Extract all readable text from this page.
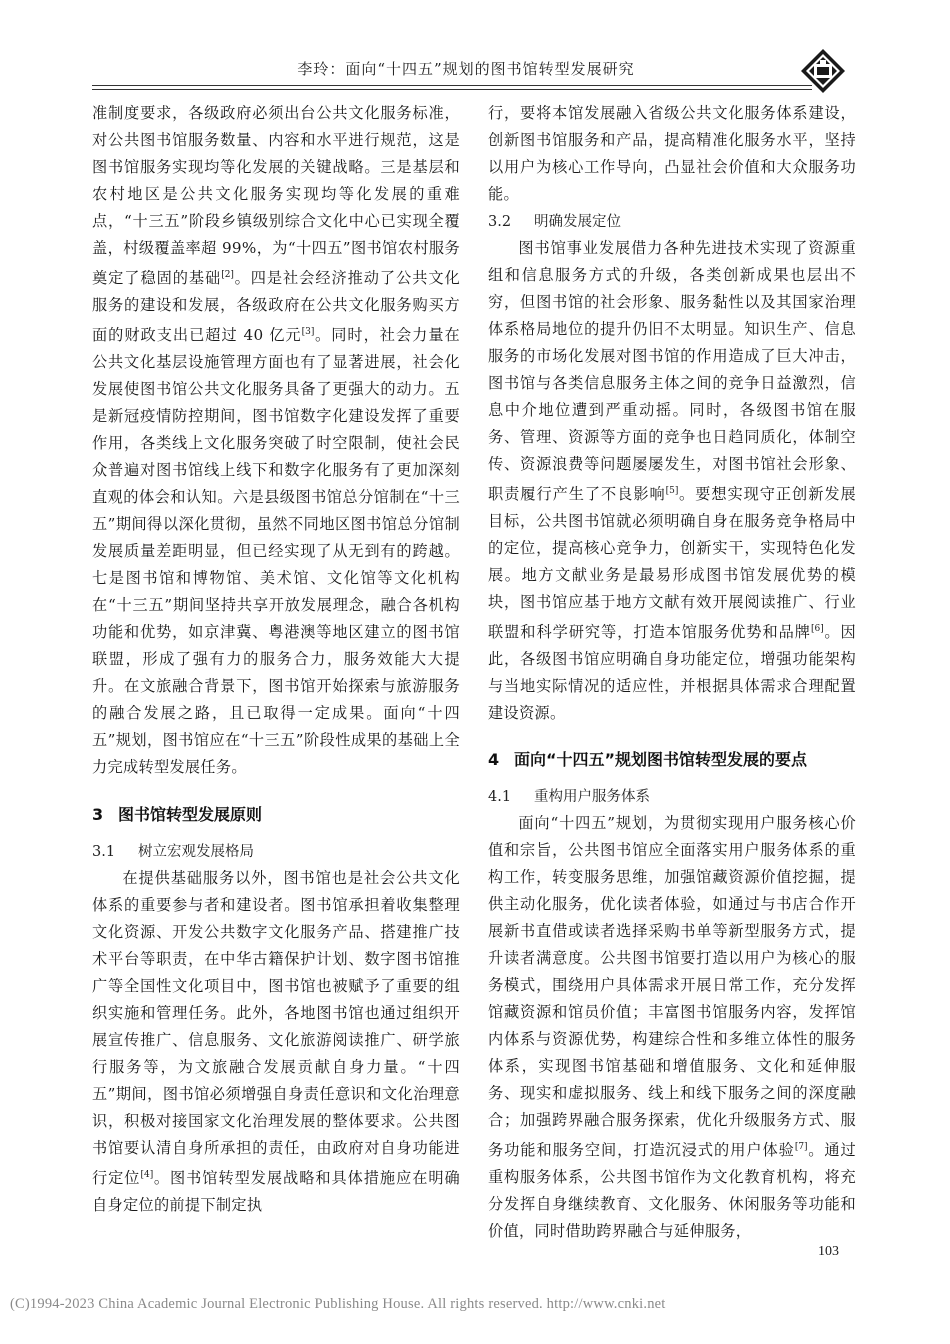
李玲：面向“十四五”规划的图书馆转型发展研究

准制度要求，各级政府必须出台公共文化服务标准，对公共图书馆服务数量、内容和水平进行规范，这是图书馆服务实现均等化发展的关键战略。三是基层和农村地区是公共文化服务实现均等化发展的重难点，“十三五”阶段乡镇级别综合文化中心已实现全覆盖，村级覆盖率超 99%，为“十四五”图书馆农村服务奠定了稳固的基础[2]。四是社会经济推动了公共文化服务的建设和发展，各级政府在公共文化服务购买方面的财政支出已超过 40 亿元[3]。同时，社会力量在公共文化基层设施管理方面也有了显著进展，社会化发展使图书馆公共文化服务具备了更强大的动力。五是新冠疫情防控期间，图书馆数字化建设发挥了重要作用，各类线上文化服务突破了时空限制，使社会民众普遍对图书馆线上线下和数字化服务有了更加深刻直观的体会和认知。六是县级图书馆总分馆制在“十三五”期间得以深化贯彻，虽然不同地区图书馆总分馆制发展质量差距明显，但已经实现了从无到有的跨越。七是图书馆和博物馆、美术馆、文化馆等文化机构在“十三五”期间坚持共享开放发展理念，融合各机构功能和优势，如京津冀、粤港澳等地区建立的图书馆联盟，形成了强有力的服务合力，服务效能大大提升。在文旅融合背景下，图书馆开始探索与旅游服务的融合发展之路，且已取得一定成果。面向“十四五”规划，图书馆应在“十三五”阶段性成果的基础上全力完成转型发展任务。

3 图书馆转型发展原则
3.1 树立宏观发展格局

在提供基础服务以外，图书馆也是社会公共文化体系的重要参与者和建设者。图书馆承担着收集整理文化资源、开发公共数字文化服务产品、搭建推广技术平台等职责，在中华古籍保护计划、数字图书馆推广等全国性文化项目中，图书馆也被赋予了重要的组织实施和管理任务。此外，各地图书馆也通过组织开展宣传推广、信息服务、文化旅游阅读推广、研学旅行服务等，为文旅融合发展贡献自身力量。“十四五”期间，图书馆必须增强自身责任意识和文化治理意识，积极对接国家文化治理发展的整体要求。公共图书馆要认清自身所承担的责任，由政府对自身功能进行定位[4]。图书馆转型发展战略和具体措施应在明确自身定位的前提下制定执

行，要将本馆发展融入省级公共文化服务体系建设，创新图书馆服务和产品，提高精准化服务水平，坚持以用户为核心工作导向，凸显社会价值和大众服务功能。

3.2 明确发展定位

图书馆事业发展借力各种先进技术实现了资源重组和信息服务方式的升级，各类创新成果也层出不穷，但图书馆的社会形象、服务黏性以及其国家治理体系格局地位的提升仍旧不太明显。知识生产、信息服务的市场化发展对图书馆的作用造成了巨大冲击，图书馆与各类信息服务主体之间的竞争日益激烈，信息中介地位遭到严重动摇。同时，各级图书馆在服务、管理、资源等方面的竞争也日趋同质化，体制空传、资源浪费等问题屡屡发生，对图书馆社会形象、职责履行产生了不良影响[5]。要想实现守正创新发展目标，公共图书馆就必须明确自身在服务竞争格局中的定位，提高核心竞争力，创新实干，实现特色化发展。地方文献业务是最易形成图书馆发展优势的模块，图书馆应基于地方文献有效开展阅读推广、行业联盟和科学研究等，打造本馆服务优势和品牌[6]。因此，各级图书馆应明确自身功能定位，增强功能架构与当地实际情况的适应性，并根据具体需求合理配置建设资源。

4 面向“十四五”规划图书馆转型发展的要点
4.1 重构用户服务体系

面向“十四五”规划，为贯彻实现用户服务核心价值和宗旨，公共图书馆应全面落实用户服务体系的重构工作，转变服务思维，加强馆藏资源价值挖掘，提供主动化服务，优化读者体验，如通过与书店合作开展新书直借或读者选择采购书单等新型服务方式，提升读者满意度。公共图书馆要打造以用户为核心的服务模式，围绕用户具体需求开展日常工作，充分发挥馆藏资源和馆员价值；丰富图书馆服务内容，发挥馆内体系与资源优势，构建综合性和多维立体性的服务体系，实现图书馆基础和增值服务、文化和延伸服务、现实和虚拟服务、线上和线下服务之间的深度融合；加强跨界融合服务探索，优化升级服务方式、服务功能和服务空间，打造沉浸式的用户体验[7]。通过重构服务体系，公共图书馆作为文化教育机构，将充分发挥自身继续教育、文化服务、休闲服务等功能和价值，同时借助跨界融合与延伸服务，

103
(C)1994-2023 China Academic Journal Electronic Publishing House. All rights reserved. http://www.cnki.net
